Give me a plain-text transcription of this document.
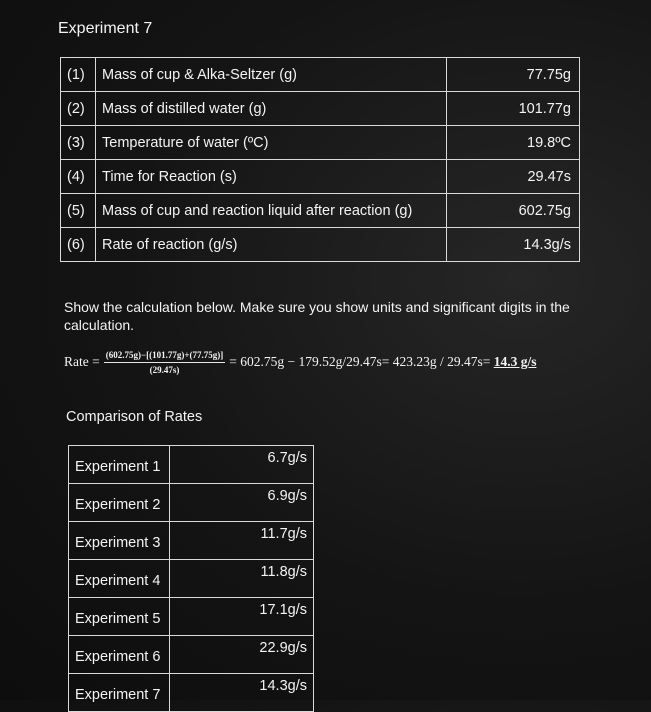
Experiment 7
(1)	Mass of cup & Alka-Seltzer (g)	77.75g
(2)	Mass of distilled water (g)	101.77g
(3)	Temperature of water (ºC)	19.8ºC
(4)	Time for Reaction (s)	29.47s
(5)	Mass of cup and reaction liquid after reaction (g)	602.75g
(6)	Rate of reaction (g/s)	14.3g/s
Show the calculation below. Make sure you show units and significant digits in the calculation.
Rate = $\frac{(602.75g)-[(101.77g)+(77.75g)]}{(29.47s)} = 602.75g - 179.52g/29.47s= 423.23g / 29.47s=$
14.3 g/s
Comparison of Rates
Experiment 1	6.7g/s
Experiment 2	6.9g/s
Experiment 3	11.7g/s
Experiment 4	11.8g/s
Experiment 5	17.1g/s
Experiment 6	22.9g/s
Experiment 7	14.3g/s
